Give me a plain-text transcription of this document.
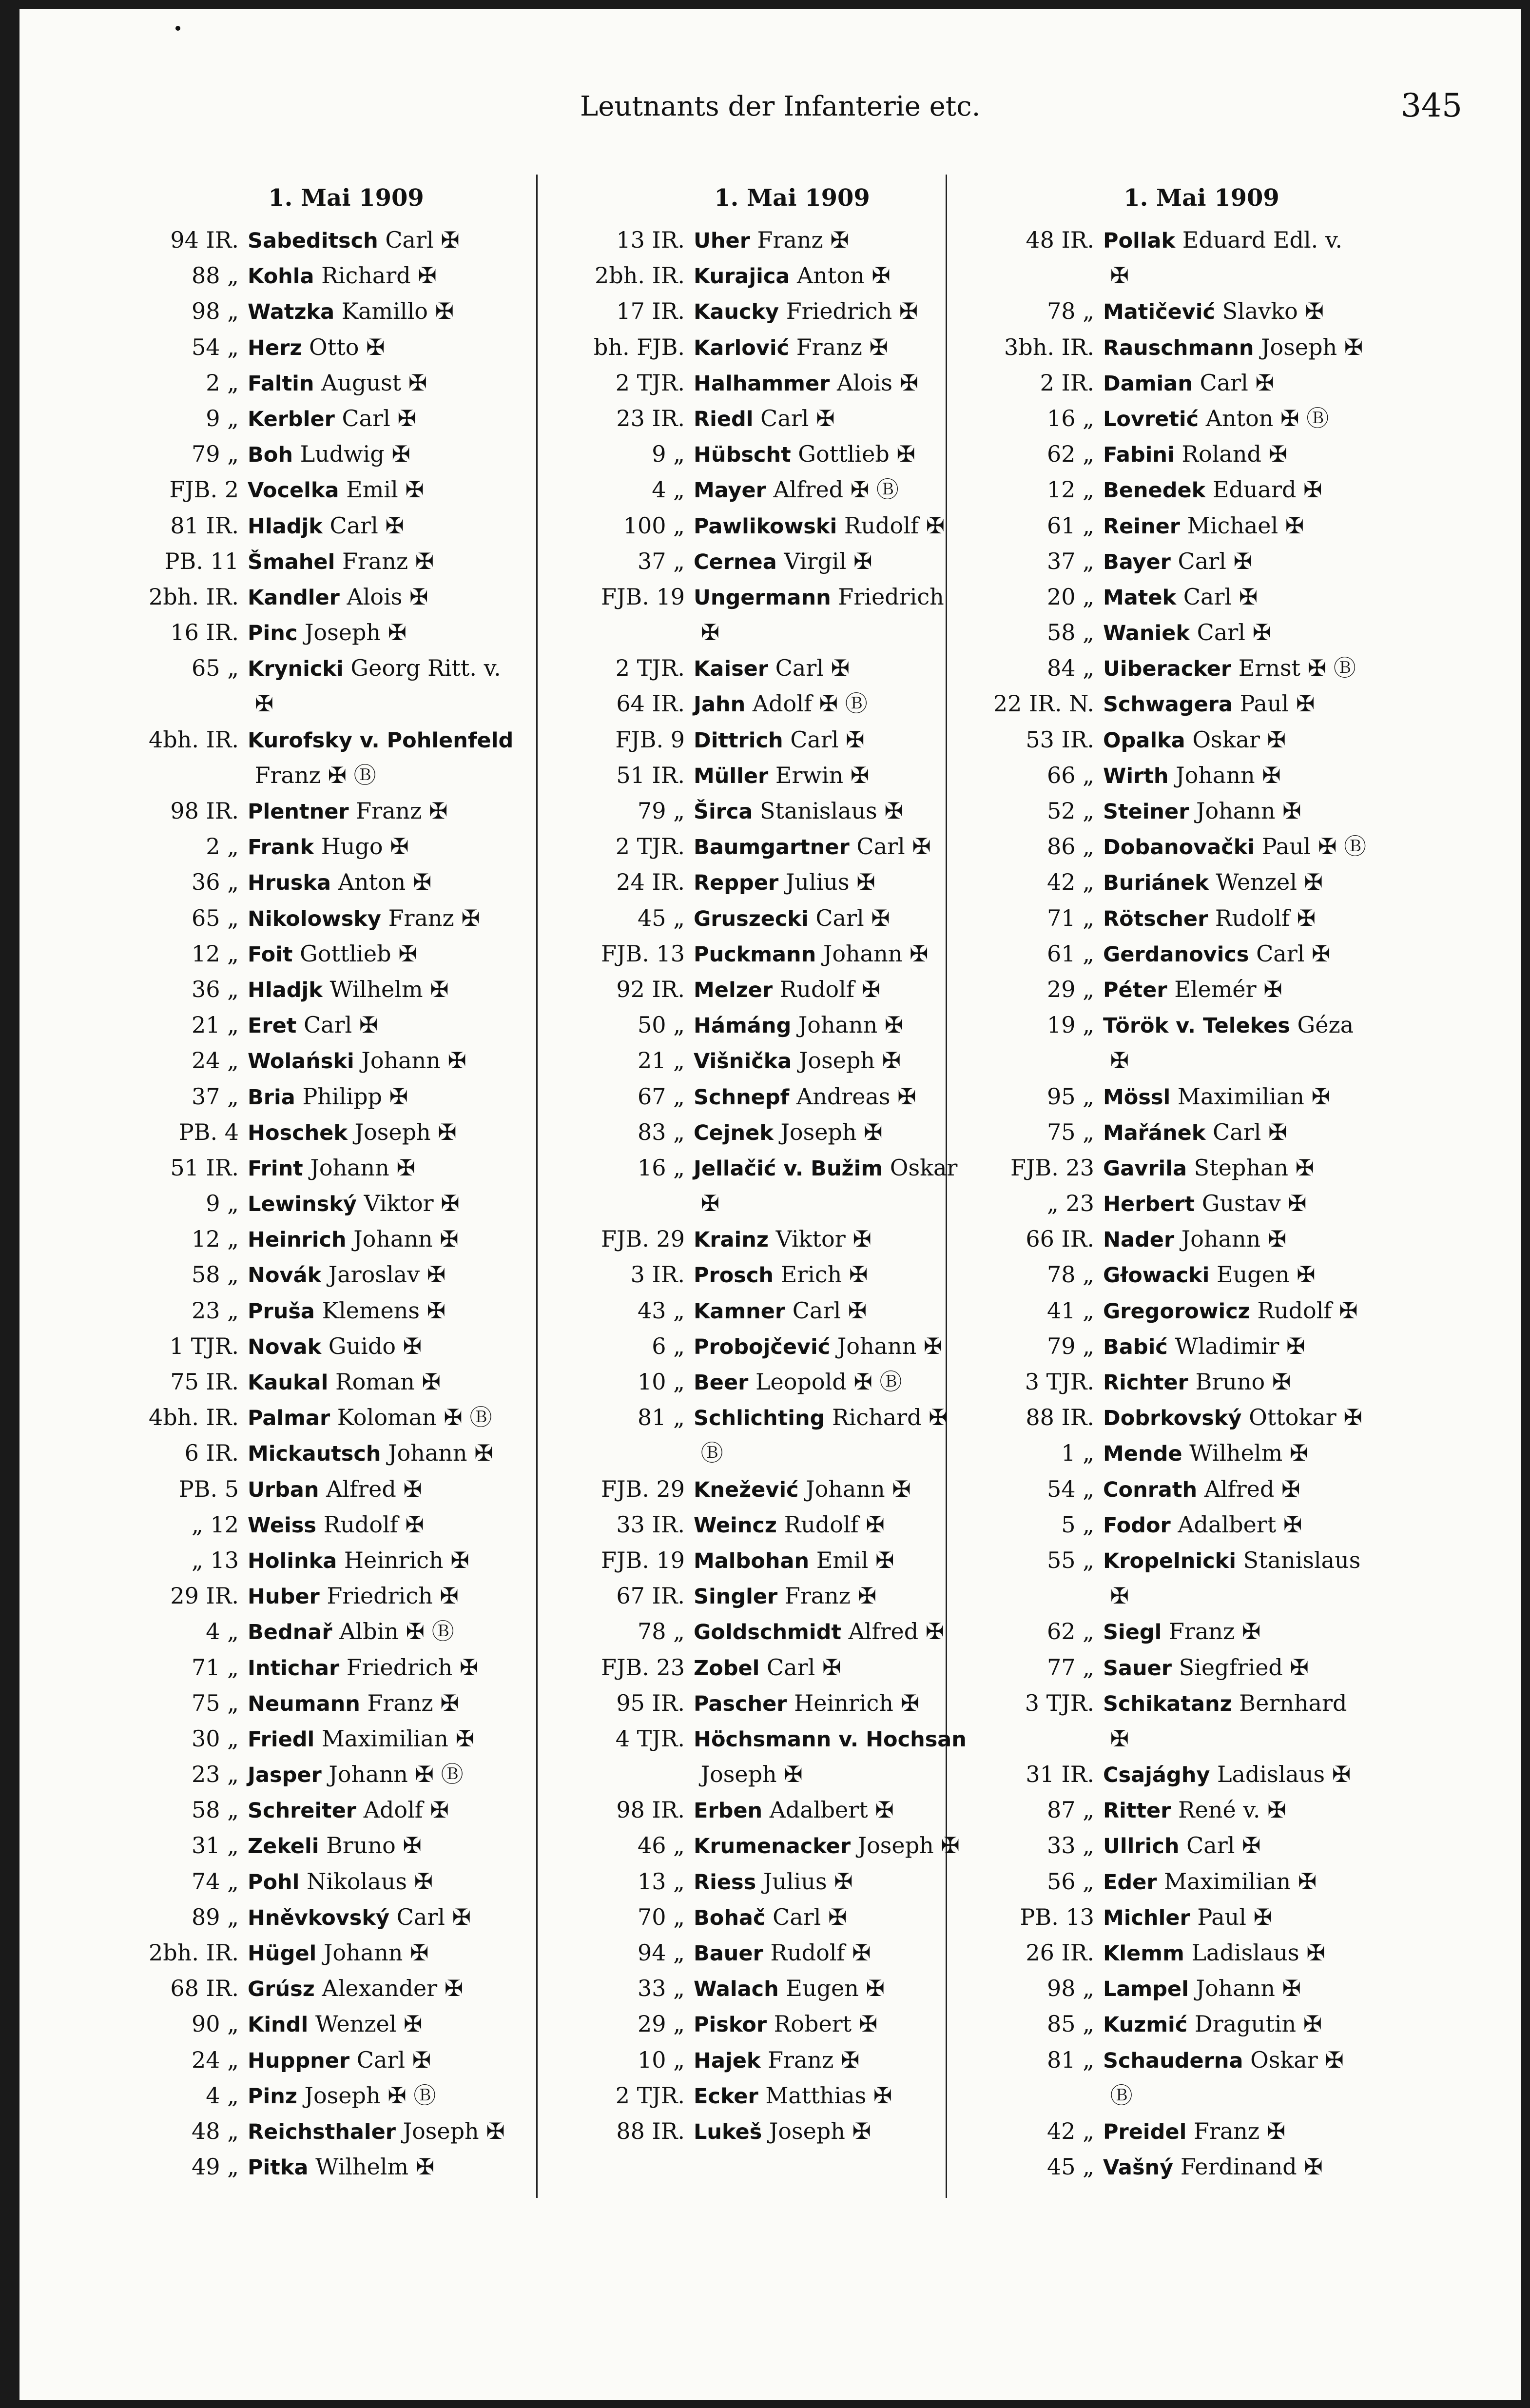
Leutnants der Infanterie etc.	345
1. Mai 1909
94 IR. Sabeditsch Carl ✠
88 „ Kohla Richard ✠
98 „ Watzka Kamillo ✠
54 „ Herz Otto ✠
2 „ Faltin August ✠
9 „ Kerbler Carl ✠
79 „ Boh Ludwig ✠
FJB. 2 Vocelka Emil ✠
81 IR. Hladjk Carl ✠
PB. 11 Šmahel Franz ✠
2bh. IR. Kandler Alois ✠
16 IR. Pinc Joseph ✠
65 „ Krynicki Georg Ritt. v.
✠
4bh. IR. Kurofsky v. Pohlenfeld
Franz ✠ Ⓑ
98 IR. Plentner Franz ✠
2 „ Frank Hugo ✠
36 „ Hruska Anton ✠
65 „ Nikolowsky Franz ✠
12 „ Foit Gottlieb ✠
36 „ Hladjk Wilhelm ✠
21 „ Eret Carl ✠
24 „ Wolański Johann ✠
37 „ Bria Philipp ✠
PB. 4 Hoschek Joseph ✠
51 IR. Frint Johann ✠
9 „ Lewinský Viktor ✠
12 „ Heinrich Johann ✠
58 „ Novák Jaroslav ✠
23 „ Pruša Klemens ✠
1 TJR. Novak Guido ✠
75 IR. Kaukal Roman ✠
4bh. IR. Palmar Koloman ✠ Ⓑ
6 IR. Mickautsch Johann ✠
PB. 5 Urban Alfred ✠
„ 12 Weiss Rudolf ✠
„ 13 Holinka Heinrich ✠
29 IR. Huber Friedrich ✠
4 „ Bednař Albin ✠ Ⓑ
71 „ Intichar Friedrich ✠
75 „ Neumann Franz ✠
30 „ Friedl Maximilian ✠
23 „ Jasper Johann ✠ Ⓑ
58 „ Schreiter Adolf ✠
31 „ Zekeli Bruno ✠
74 „ Pohl Nikolaus ✠
89 „ Hněvkovský Carl ✠
2bh. IR. Hügel Johann ✠
68 IR. Grúsz Alexander ✠
90 „ Kindl Wenzel ✠
24 „ Huppner Carl ✠
4 „ Pinz Joseph ✠ Ⓑ
48 „ Reichsthaler Joseph ✠
49 „ Pitka Wilhelm ✠
1. Mai 1909
13 IR. Uher Franz ✠
2bh. IR. Kurajica Anton ✠
17 IR. Kaucky Friedrich ✠
bh. FJB. Karlović Franz ✠
2 TJR. Halhammer Alois ✠
23 IR. Riedl Carl ✠
9 „ Hübscht Gottlieb ✠
4 „ Mayer Alfred ✠ Ⓑ
100 „ Pawlikowski Rudolf ✠
37 „ Cernea Virgil ✠
FJB. 19 Ungermann Friedrich
✠
2 TJR. Kaiser Carl ✠
64 IR. Jahn Adolf ✠ Ⓑ
FJB. 9 Dittrich Carl ✠
51 IR. Müller Erwin ✠
79 „ Širca Stanislaus ✠
2 TJR. Baumgartner Carl ✠
24 IR. Repper Julius ✠
45 „ Gruszecki Carl ✠
FJB. 13 Puckmann Johann ✠
92 IR. Melzer Rudolf ✠
50 „ Hámáng Johann ✠
21 „ Višnička Joseph ✠
67 „ Schnepf Andreas ✠
83 „ Cejnek Joseph ✠
16 „ Jellačić v. Bužim Oskar
✠
FJB. 29 Krainz Viktor ✠
3 IR. Prosch Erich ✠
43 „ Kamner Carl ✠
6 „ Probojčević Johann ✠
10 „ Beer Leopold ✠ Ⓑ
81 „ Schlichting Richard ✠
Ⓑ
FJB. 29 Knežević Johann ✠
33 IR. Weincz Rudolf ✠
FJB. 19 Malbohan Emil ✠
67 IR. Singler Franz ✠
78 „ Goldschmidt Alfred ✠
FJB. 23 Zobel Carl ✠
95 IR. Pascher Heinrich ✠
4 TJR. Höchsmann v. Hochsan
Joseph ✠
98 IR. Erben Adalbert ✠
46 „ Krumenacker Joseph ✠
13 „ Riess Julius ✠
70 „ Bohač Carl ✠
94 „ Bauer Rudolf ✠
33 „ Walach Eugen ✠
29 „ Piskor Robert ✠
10 „ Hajek Franz ✠
2 TJR. Ecker Matthias ✠
88 IR. Lukeš Joseph ✠
1. Mai 1909
48 IR. Pollak Eduard Edl. v.
✠
78 „ Matičević Slavko ✠
3bh. IR. Rauschmann Joseph ✠
2 IR. Damian Carl ✠
16 „ Lovretić Anton ✠ Ⓑ
62 „ Fabini Roland ✠
12 „ Benedek Eduard ✠
61 „ Reiner Michael ✠
37 „ Bayer Carl ✠
20 „ Matek Carl ✠
58 „ Waniek Carl ✠
84 „ Uiberacker Ernst ✠ Ⓑ
22 IR. N. Schwagera Paul ✠
53 IR. Opalka Oskar ✠
66 „ Wirth Johann ✠
52 „ Steiner Johann ✠
86 „ Dobanovački Paul ✠ Ⓑ
42 „ Buriánek Wenzel ✠
71 „ Rötscher Rudolf ✠
61 „ Gerdanovics Carl ✠
29 „ Péter Elemér ✠
19 „ Török v. Telekes Géza
✠
95 „ Mössl Maximilian ✠
75 „ Mařánek Carl ✠
FJB. 23 Gavrila Stephan ✠
„ 23 Herbert Gustav ✠
66 IR. Nader Johann ✠
78 „ Głowacki Eugen ✠
41 „ Gregorowicz Rudolf ✠
79 „ Babić Wladimir ✠
3 TJR. Richter Bruno ✠
88 IR. Dobrkovský Ottokar ✠
1 „ Mende Wilhelm ✠
54 „ Conrath Alfred ✠
5 „ Fodor Adalbert ✠
55 „ Kropelnicki Stanislaus
✠
62 „ Siegl Franz ✠
77 „ Sauer Siegfried ✠
3 TJR. Schikatanz Bernhard
✠
31 IR. Csajághy Ladislaus ✠
87 „ Ritter René v. ✠
33 „ Ullrich Carl ✠
56 „ Eder Maximilian ✠
PB. 13 Michler Paul ✠
26 IR. Klemm Ladislaus ✠
98 „ Lampel Johann ✠
85 „ Kuzmić Dragutin ✠
81 „ Schauderna Oskar ✠
Ⓑ
42 „ Preidel Franz ✠
45 „ Vašný Ferdinand ✠
